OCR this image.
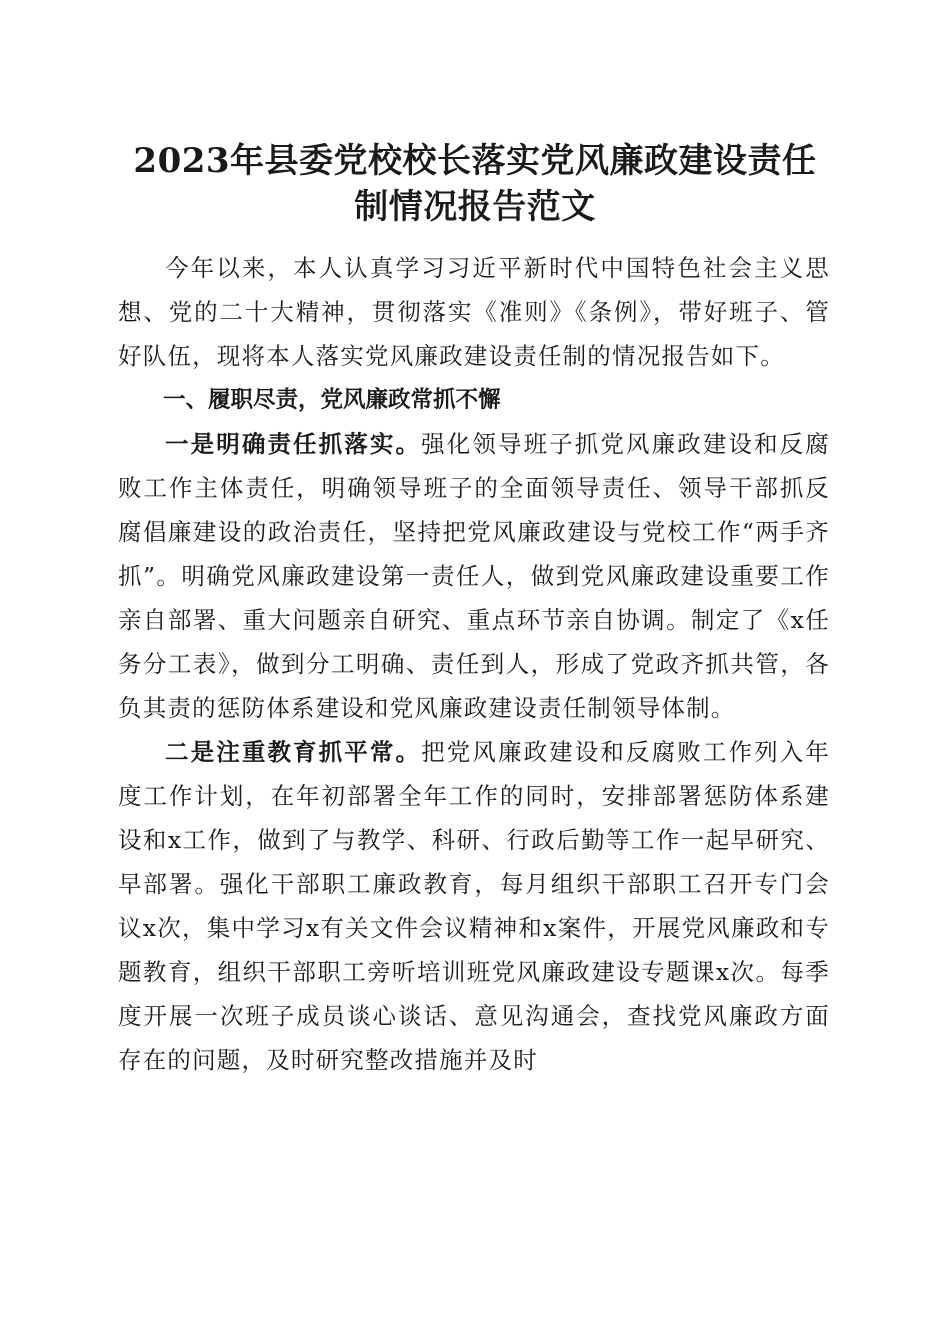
2023年县委党校校长落实党风廉政建设责任
制情况报告范文

今年以来，本人认真学习习近平新时代中国特色社会主义思想、党的二十大精神，贯彻落实《准则》《条例》，带好班子、管好队伍，现将本人落实党风廉政建设责任制的情况报告如下。

一、履职尽责，党风廉政常抓不懈

一是明确责任抓落实。强化领导班子抓党风廉政建设和反腐败工作主体责任，明确领导班子的全面领导责任、领导干部抓反腐倡廉建设的政治责任，坚持把党风廉政建设与党校工作“两手齐抓”。明确党风廉政建设第一责任人，做到党风廉政建设重要工作亲自部署、重大问题亲自研究、重点环节亲自协调。制定了《x任务分工表》，做到分工明确、责任到人，形成了党政齐抓共管，各负其责的惩防体系建设和党风廉政建设责任制领导体制。

二是注重教育抓平常。把党风廉政建设和反腐败工作列入年度工作计划，在年初部署全年工作的同时，安排部署惩防体系建设和x工作，做到了与教学、科研、行政后勤等工作一起早研究、早部署。强化干部职工廉政教育，每月组织干部职工召开专门会议x次，集中学习x有关文件会议精神和x案件，开展党风廉政和专题教育，组织干部职工旁听培训班党风廉政建设专题课x次。每季度开展一次班子成员谈心谈话、意见沟通会，查找党风廉政方面存在的问题，及时研究整改措施并及时
